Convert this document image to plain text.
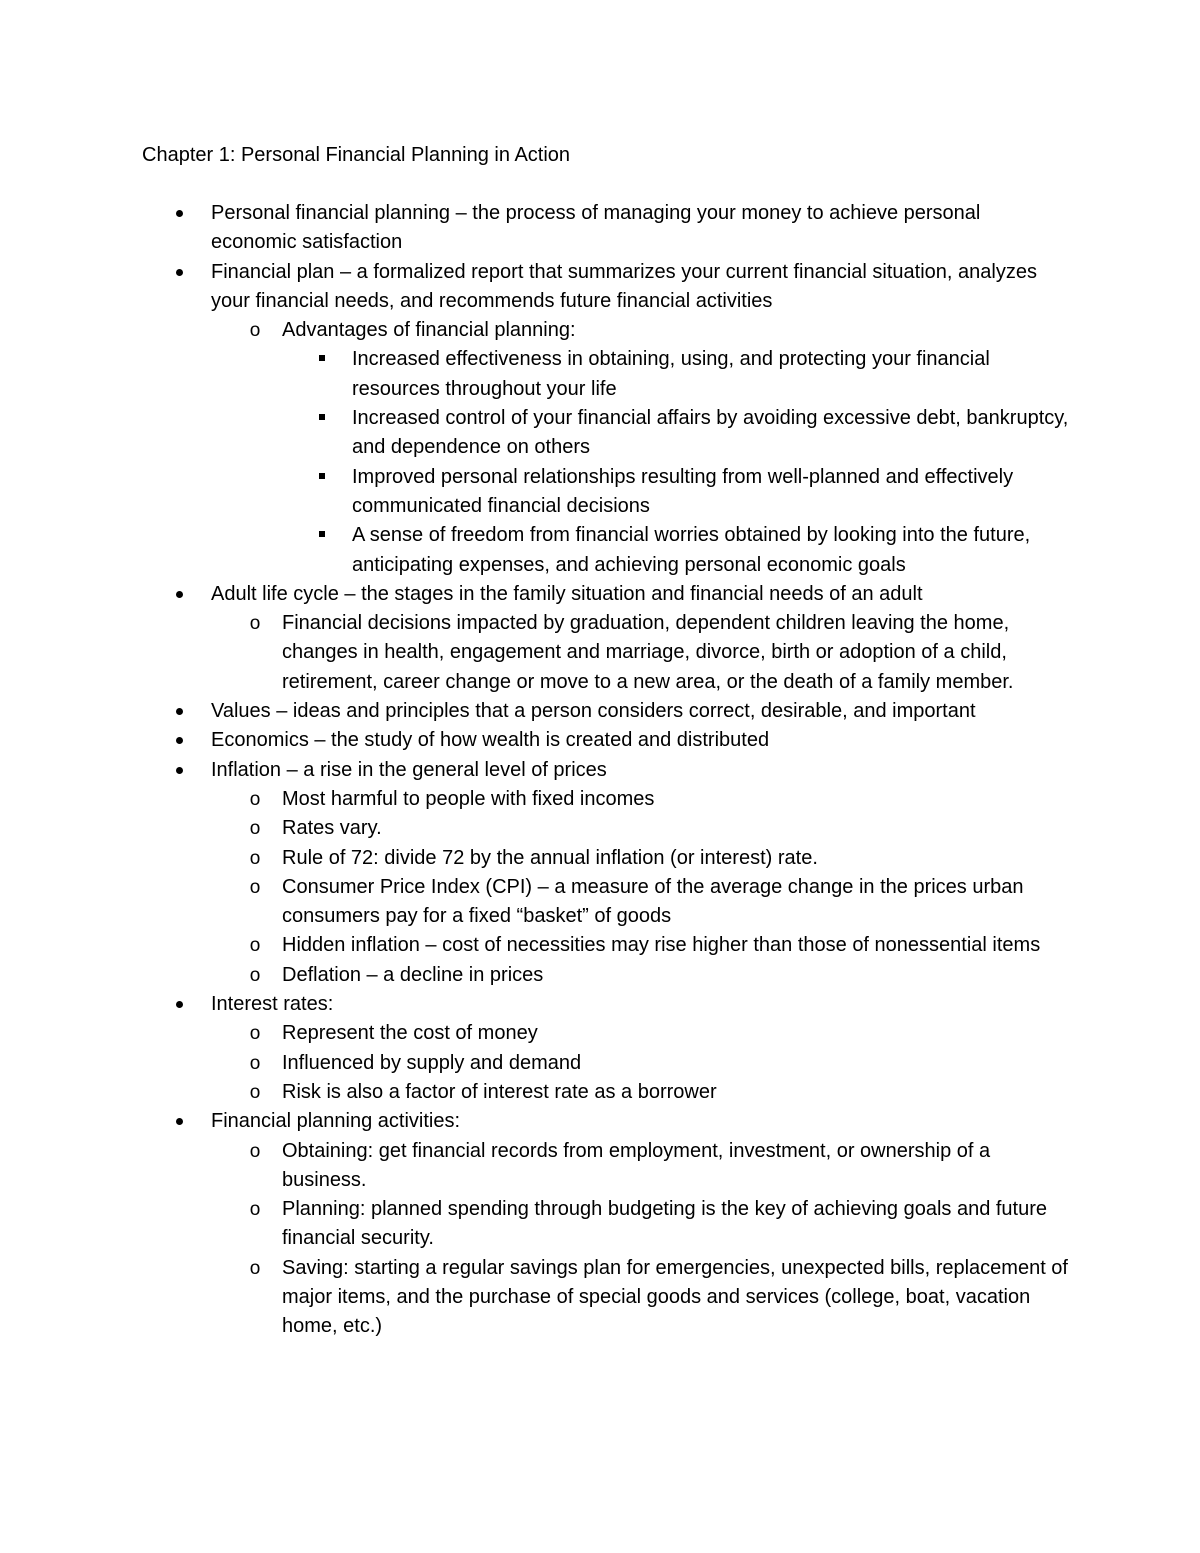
Chapter 1: Personal Financial Planning in Action
Personal financial planning – the process of managing your money to achieve personal economic satisfaction
Financial plan – a formalized report that summarizes your current financial situation, analyzes your financial needs, and recommends future financial activities
o Advantages of financial planning:
Increased effectiveness in obtaining, using, and protecting your financial resources throughout your life
Increased control of your financial affairs by avoiding excessive debt, bankruptcy, and dependence on others
Improved personal relationships resulting from well-planned and effectively communicated financial decisions
A sense of freedom from financial worries obtained by looking into the future, anticipating expenses, and achieving personal economic goals
Adult life cycle – the stages in the family situation and financial needs of an adult
o Financial decisions impacted by graduation, dependent children leaving the home, changes in health, engagement and marriage, divorce, birth or adoption of a child, retirement, career change or move to a new area, or the death of a family member.
Values – ideas and principles that a person considers correct, desirable, and important
Economics – the study of how wealth is created and distributed
Inflation – a rise in the general level of prices
o Most harmful to people with fixed incomes
o Rates vary.
o Rule of 72: divide 72 by the annual inflation (or interest) rate.
o Consumer Price Index (CPI) – a measure of the average change in the prices urban consumers pay for a fixed “basket” of goods
o Hidden inflation – cost of necessities may rise higher than those of nonessential items
o Deflation – a decline in prices
Interest rates:
o Represent the cost of money
o Influenced by supply and demand
o Risk is also a factor of interest rate as a borrower
Financial planning activities:
o Obtaining: get financial records from employment, investment, or ownership of a business.
o Planning: planned spending through budgeting is the key of achieving goals and future financial security.
o Saving: starting a regular savings plan for emergencies, unexpected bills, replacement of major items, and the purchase of special goods and services (college, boat, vacation home, etc.)
